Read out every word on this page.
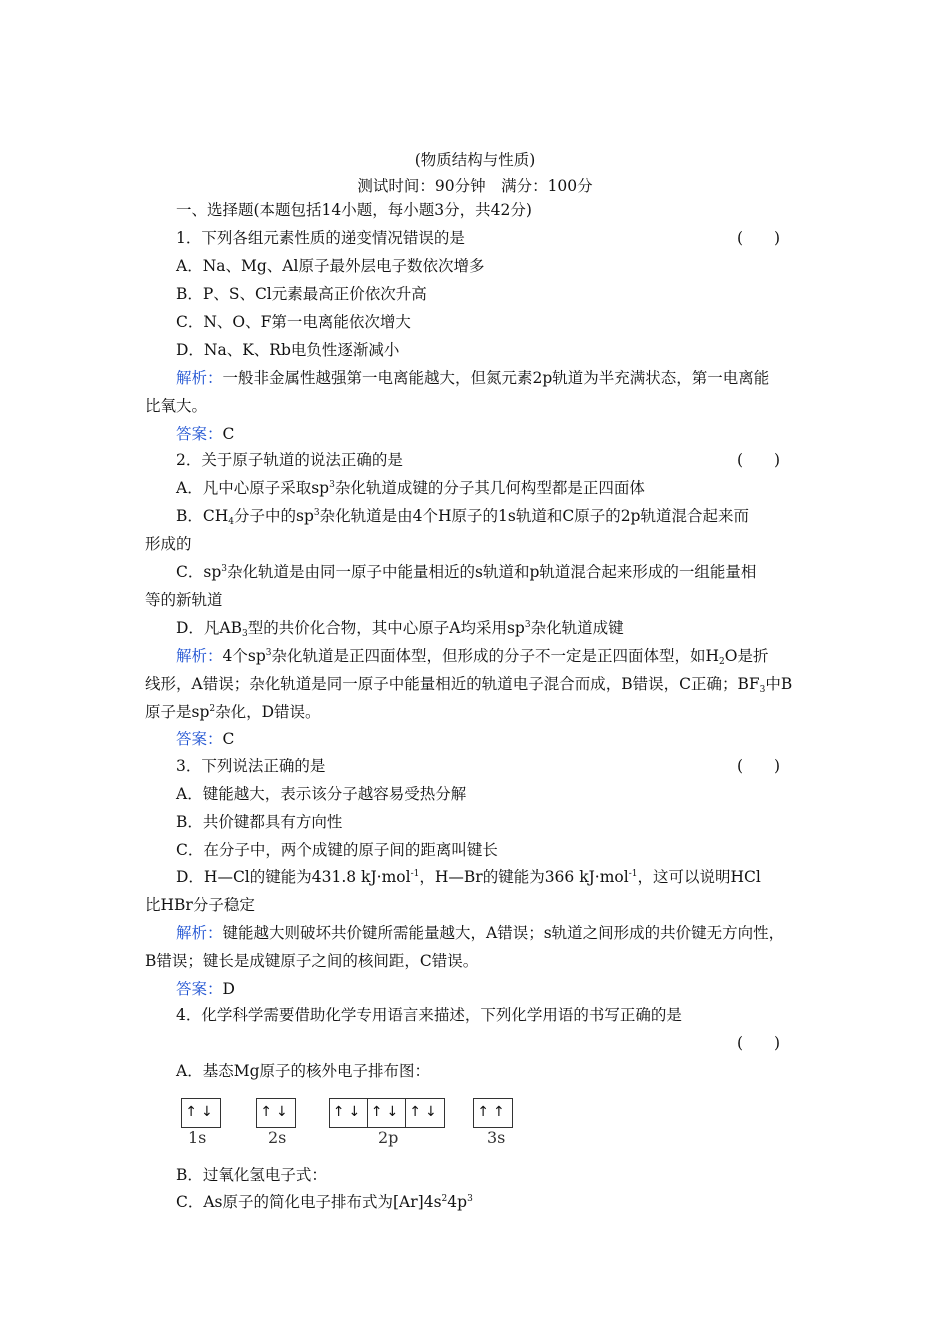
(物质结构与性质)
测试时间：90分钟　满分：100分
一、选择题(本题包括14小题，每小题3分，共42分)
1．下列各组元素性质的递变情况错误的是	(　　)
A．Na、Mg、Al原子最外层电子数依次增多
B．P、S、Cl元素最高正价依次升高
C．N、O、F第一电离能依次增大
D．Na、K、Rb电负性逐渐减小
解析：一般非金属性越强第一电离能越大，但氮元素2p轨道为半充满状态，第一电离能
比氧大。
答案：C
2．关于原子轨道的说法正确的是	(　　)
A．凡中心原子采取$sp^3$杂化轨道成键的分子其几何构型都是正四面体
B．$CH_4$分子中的$sp^3$杂化轨道是由4个H原子的1s轨道和C原子的2p轨道混合起来而
形成的
C．$sp^3$杂化轨道是由同一原子中能量相近的s轨道和p轨道混合起来形成的一组能量相
等的新轨道
D．凡$AB_3$型的共价化合物，其中心原子A均采用$sp^3$杂化轨道成键
解析：4个$sp^3$杂化轨道是正四面体型，但形成的分子不一定是正四面体型，如$H_2O$是折
线形，A错误；杂化轨道是同一原子中能量相近的轨道电子混合而成，B错误，C正确；$BF_3$中B
原子是$sp^2$杂化，D错误。
答案：C
3．下列说法正确的是	(　　)
A．键能越大，表示该分子越容易受热分解
B．共价键都具有方向性
C．在分子中，两个成键的原子间的距离叫键长
D．H—Cl的键能为431.8 kJ·mol$^{-1}$，H—Br的键能为366 kJ·mol$^{-1}$，这可以说明HCl
比HBr分子稳定
解析：键能越大则破坏共价键所需能量越大，A错误；s轨道之间形成的共价键无方向性，
B错误；键长是成键原子之间的核间距，C错误。
答案：D
4．化学科学需要借助化学专用语言来描述，下列化学用语的书写正确的是
(　　)
A．基态Mg原子的核外电子排布图：
↑↓
1s
↑↓
2s
↑↓ ↑↓ ↑↓
2p
↑↑
3s
B．过氧化氢电子式：
C．As原子的简化电子排布式为$[Ar]4s^24p^3$
